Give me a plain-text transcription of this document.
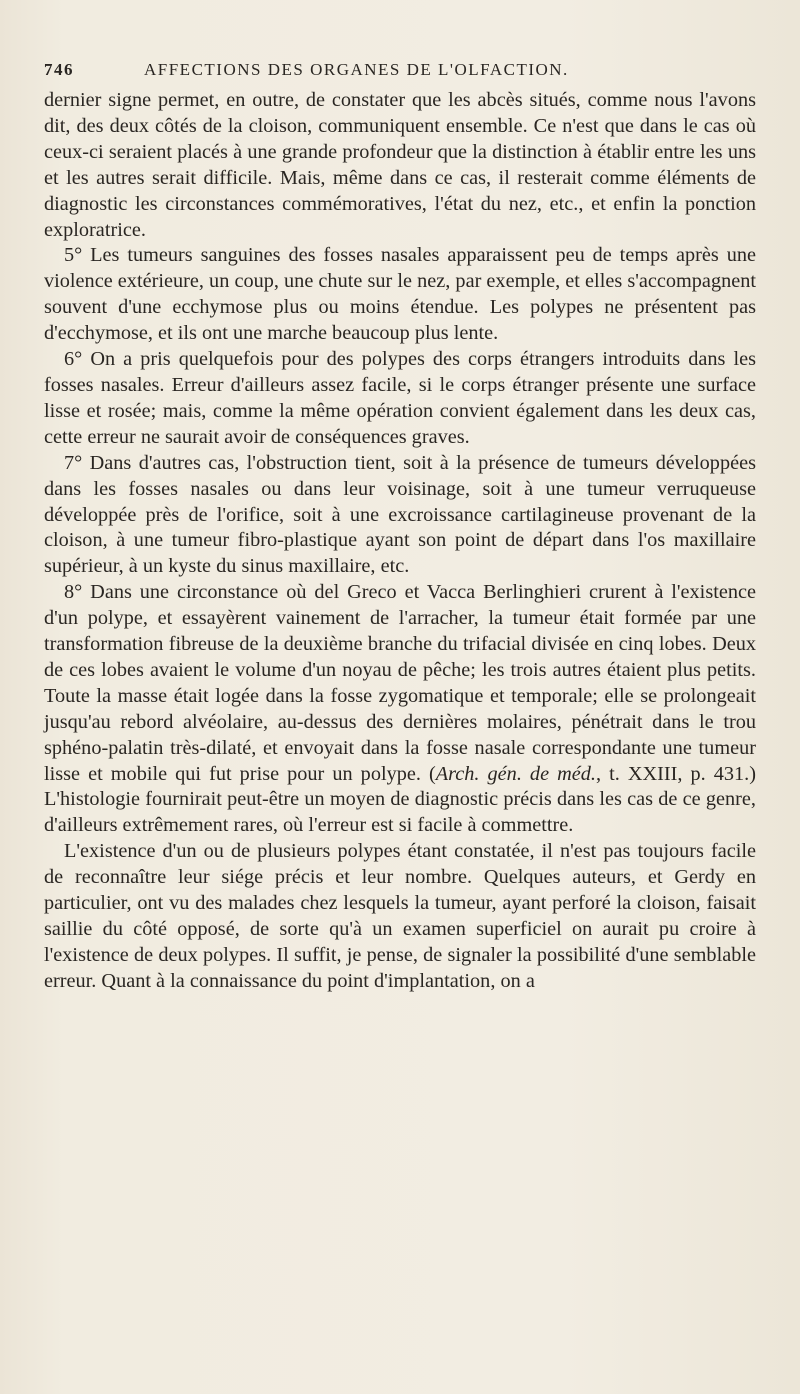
746	AFFECTIONS DES ORGANES DE L'OLFACTION.

dernier signe permet, en outre, de constater que les abcès situés, comme nous l'avons dit, des deux côtés de la cloison, communiquent ensemble. Ce n'est que dans le cas où ceux-ci seraient placés à une grande profondeur que la distinction à établir entre les uns et les autres serait difficile. Mais, même dans ce cas, il resterait comme éléments de diagnostic les circonstances commémoratives, l'état du nez, etc., et enfin la ponction exploratrice.

5° Les tumeurs sanguines des fosses nasales apparaissent peu de temps après une violence extérieure, un coup, une chute sur le nez, par exemple, et elles s'accompagnent souvent d'une ecchymose plus ou moins étendue. Les polypes ne présentent pas d'ecchymose, et ils ont une marche beaucoup plus lente.

6° On a pris quelquefois pour des polypes des corps étrangers introduits dans les fosses nasales. Erreur d'ailleurs assez facile, si le corps étranger présente une surface lisse et rosée; mais, comme la même opération convient également dans les deux cas, cette erreur ne saurait avoir de conséquences graves.

7° Dans d'autres cas, l'obstruction tient, soit à la présence de tumeurs développées dans les fosses nasales ou dans leur voisinage, soit à une tumeur verruqueuse développée près de l'orifice, soit à une excroissance cartilagineuse provenant de la cloison, à une tumeur fibro-plastique ayant son point de départ dans l'os maxillaire supérieur, à un kyste du sinus maxillaire, etc.

8° Dans une circonstance où del Greco et Vacca Berlinghieri crurent à l'existence d'un polype, et essayèrent vainement de l'arracher, la tumeur était formée par une transformation fibreuse de la deuxième branche du trifacial divisée en cinq lobes. Deux de ces lobes avaient le volume d'un noyau de pêche; les trois autres étaient plus petits. Toute la masse était logée dans la fosse zygomatique et temporale; elle se prolongeait jusqu'au rebord alvéolaire, au-dessus des dernières molaires, pénétrait dans le trou sphéno-palatin très-dilaté, et envoyait dans la fosse nasale correspondante une tumeur lisse et mobile qui fut prise pour un polype. (Arch. gén. de méd., t. XXIII, p. 431.) L'histologie fournirait peut-être un moyen de diagnostic précis dans les cas de ce genre, d'ailleurs extrêmement rares, où l'erreur est si facile à commettre.

L'existence d'un ou de plusieurs polypes étant constatée, il n'est pas toujours facile de reconnaître leur siége précis et leur nombre. Quelques auteurs, et Gerdy en particulier, ont vu des malades chez lesquels la tumeur, ayant perforé la cloison, faisait saillie du côté opposé, de sorte qu'à un examen superficiel on aurait pu croire à l'existence de deux polypes. Il suffit, je pense, de signaler la possibilité d'une semblable erreur. Quant à la connaissance du point d'implantation, on a
